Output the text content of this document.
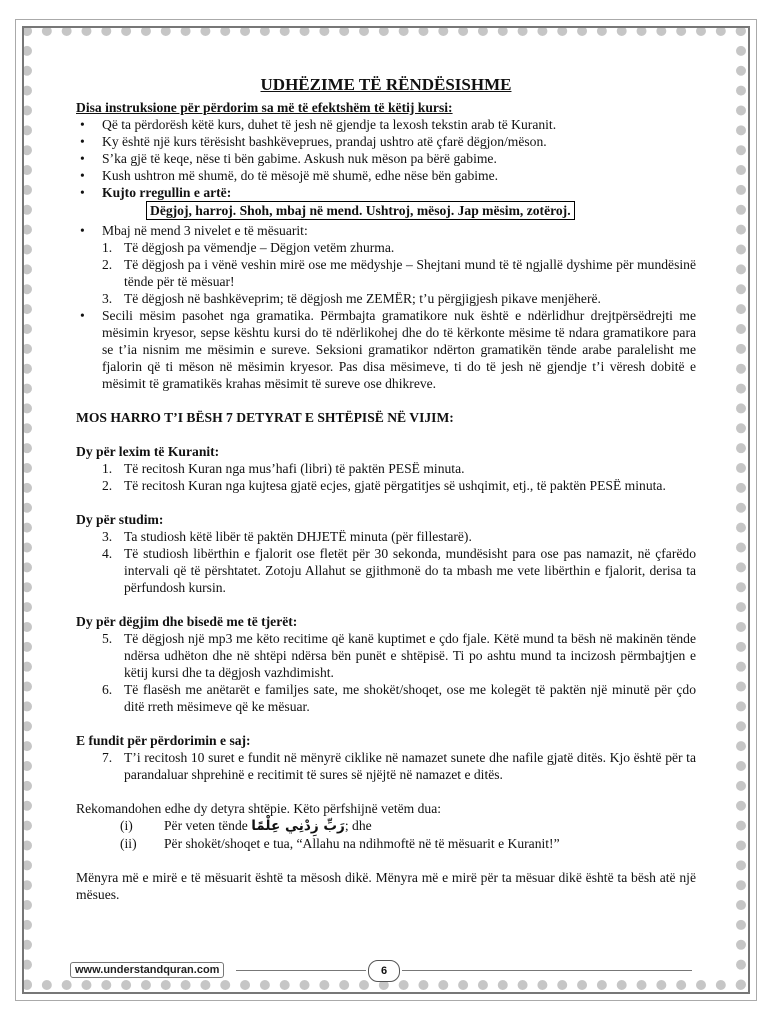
UDHËZIME TË RËNDËSISHME

Disa instruksione për përdorim sa më të efektshëm të këtij kursi:

• Që ta përdorësh këtë kurs, duhet të jesh në gjendje ta lexosh tekstin arab të Kuranit.
• Ky është një kurs tërësisht bashkëveprues, prandaj ushtro atë çfarë dëgjon/mëson.
• S’ka gjë të keqe, nëse ti bën gabime. Askush nuk mëson pa bërë gabime.
• Kush ushtron më shumë, do të mësojë më shumë, edhe nëse bën gabime.
• Kujto rregullin e artë:
Dëgjoj, harroj. Shoh, mbaj në mend. Ushtroj, mësoj. Jap mësim, zotëroj.
• Mbaj në mend 3 nivelet e të mësuarit:
1. Të dëgjosh pa vëmendje – Dëgjon vetëm zhurma.
2. Të dëgjosh pa i vënë veshin mirë ose me mëdyshje – Shejtani mund të të ngjallë dyshime për mundësinë tënde për të mësuar!
3. Të dëgjosh në bashkëveprim; të dëgjosh me ZEMËR; t’u përgjigjesh pikave menjëherë.
• Secili mësim pasohet nga gramatika. Përmbajta gramatikore nuk është e ndërlidhur drejtpërsëdrejti me mësimin kryesor, sepse kështu kursi do të ndërlikohej dhe do të kërkonte mësime të ndara gramatikore para se t’ia nisnim me mësimin e sureve. Seksioni gramatikor ndërton gramatikën tënde arabe paralelisht me fjalorin që ti mëson në mësimin kryesor. Pas disa mësimeve, ti do të jesh në gjendje t’i vëresh dobitë e mësimit të gramatikës krahas mësimit të sureve ose dhikreve.

MOS HARRO T’I BËSH 7 DETYRAT E SHTËPISË NË VIJIM:

Dy për lexim të Kuranit:

1. Të recitosh Kuran nga mus’hafi (libri) të paktën PESË minuta.
2. Të recitosh Kuran nga kujtesa gjatë ecjes, gjatë përgatitjes së ushqimit, etj., të paktën PESË minuta.

Dy për studim:

3. Ta studiosh këtë libër të paktën DHJETË minuta (për fillestarë).
4. Të studiosh libërthin e fjalorit ose fletët për 30 sekonda, mundësisht para ose pas namazit, në çfarëdo intervali që të përshtatet. Zotoju Allahut se gjithmonë do ta mbash me vete libërthin e fjalorit, derisa ta përfundosh kursin.

Dy për dëgjim dhe bisedë me të tjerët:

5. Të dëgjosh një mp3 me këto recitime që kanë kuptimet e çdo fjale. Këtë mund ta bësh në makinën tënde ndërsa udhëton dhe në shtëpi ndërsa bën punët e shtëpisë. Ti po ashtu mund ta incizosh përmbajtjen e këtij kursi dhe ta dëgjosh vazhdimisht.
6. Të flasësh me anëtarët e familjes sate, me shokët/shoqet, ose me kolegët të paktën një minutë për çdo ditë rreth mësimeve që ke mësuar.

E fundit për përdorimin e saj:

7. T’i recitosh 10 suret e fundit në mënyrë ciklike në namazet sunete dhe nafile gjatë ditës. Kjo është për ta parandaluar shprehinë e recitimit të sures së njëjtë në namazet e ditës.

Rekomandohen edhe dy detyra shtëpie. Këto përfshijnë vetëm dua:

(i) Për veten tënde رَبِّ زِدْنِي عِلْمًا; dhe

(ii) Për shokët/shoqet e tua, “Allahu na ndihmoftë në të mësuarit e Kuranit!”

Mënyra më e mirë e të mësuarit është ta mësosh dikë. Mënyra më e mirë për ta mësuar dikë është ta bësh atë një mësues.

www.understandquran.com	6
